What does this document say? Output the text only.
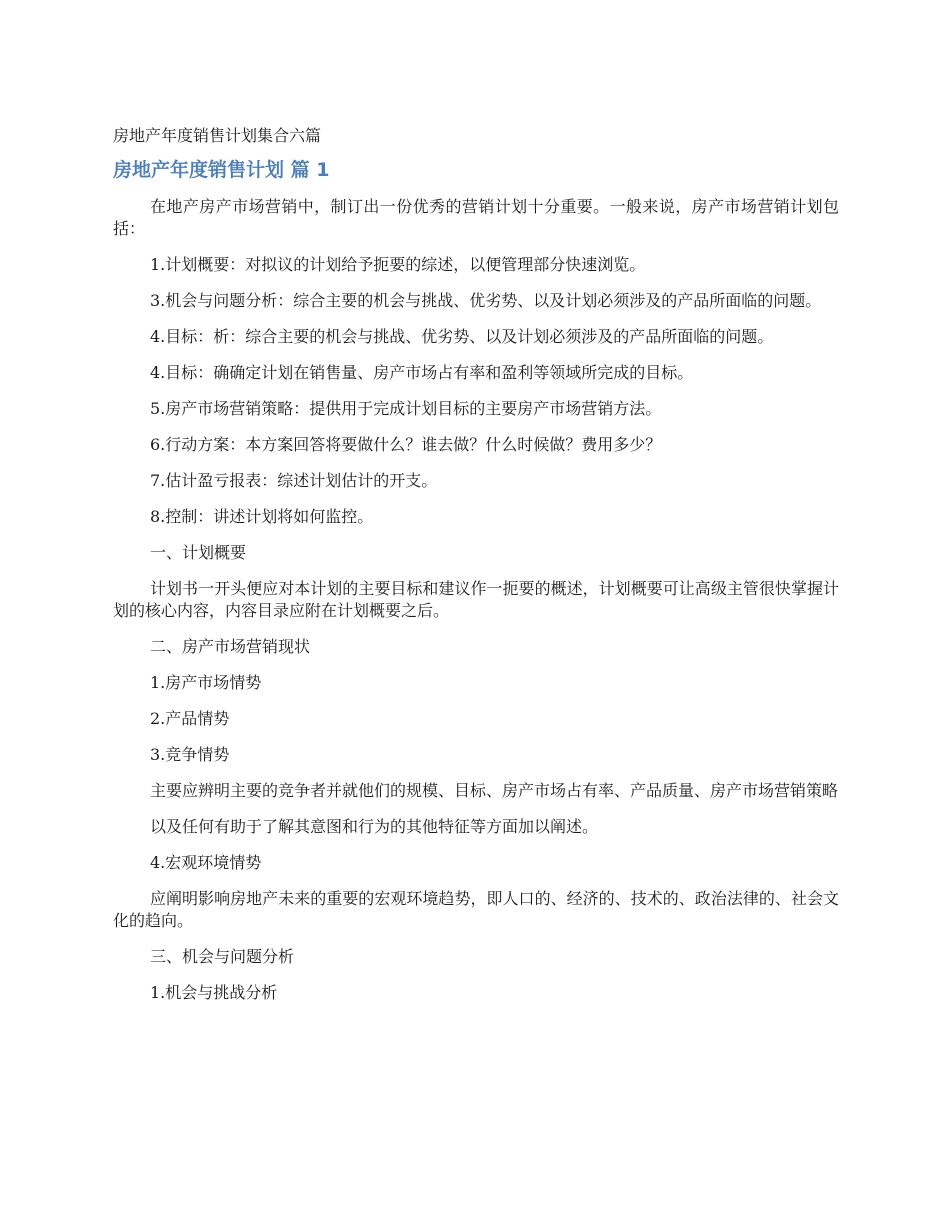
房地产年度销售计划集合六篇
房地产年度销售计划 篇 1

在地产房产市场营销中，制订出一份优秀的营销计划十分重要。一般来说，房产市场营销计划包括：

1.计划概要：对拟议的计划给予扼要的综述，以便管理部分快速浏览。

3.机会与问题分析：综合主要的机会与挑战、优劣势、以及计划必须涉及的产品所面临的问题。

4.目标：析：综合主要的机会与挑战、优劣势、以及计划必须涉及的产品所面临的问题。

4.目标：确确定计划在销售量、房产市场占有率和盈利等领域所完成的目标。

5.房产市场营销策略：提供用于完成计划目标的主要房产市场营销方法。

6.行动方案：本方案回答将要做什么？谁去做？什么时候做？费用多少？

7.估计盈亏报表：综述计划估计的开支。

8.控制：讲述计划将如何监控。

一、计划概要

计划书一开头便应对本计划的主要目标和建议作一扼要的概述，计划概要可让高级主管很快掌握计划的核心内容，内容目录应附在计划概要之后。

二、房产市场营销现状

1.房产市场情势

2.产品情势

3.竞争情势

主要应辨明主要的竞争者并就他们的规模、目标、房产市场占有率、产品质量、房产市场营销策略

以及任何有助于了解其意图和行为的其他特征等方面加以阐述。

4.宏观环境情势

应阐明影响房地产未来的重要的宏观环境趋势，即人口的、经济的、技术的、政治法律的、社会文化的趋向。

三、机会与问题分析

1.机会与挑战分析
